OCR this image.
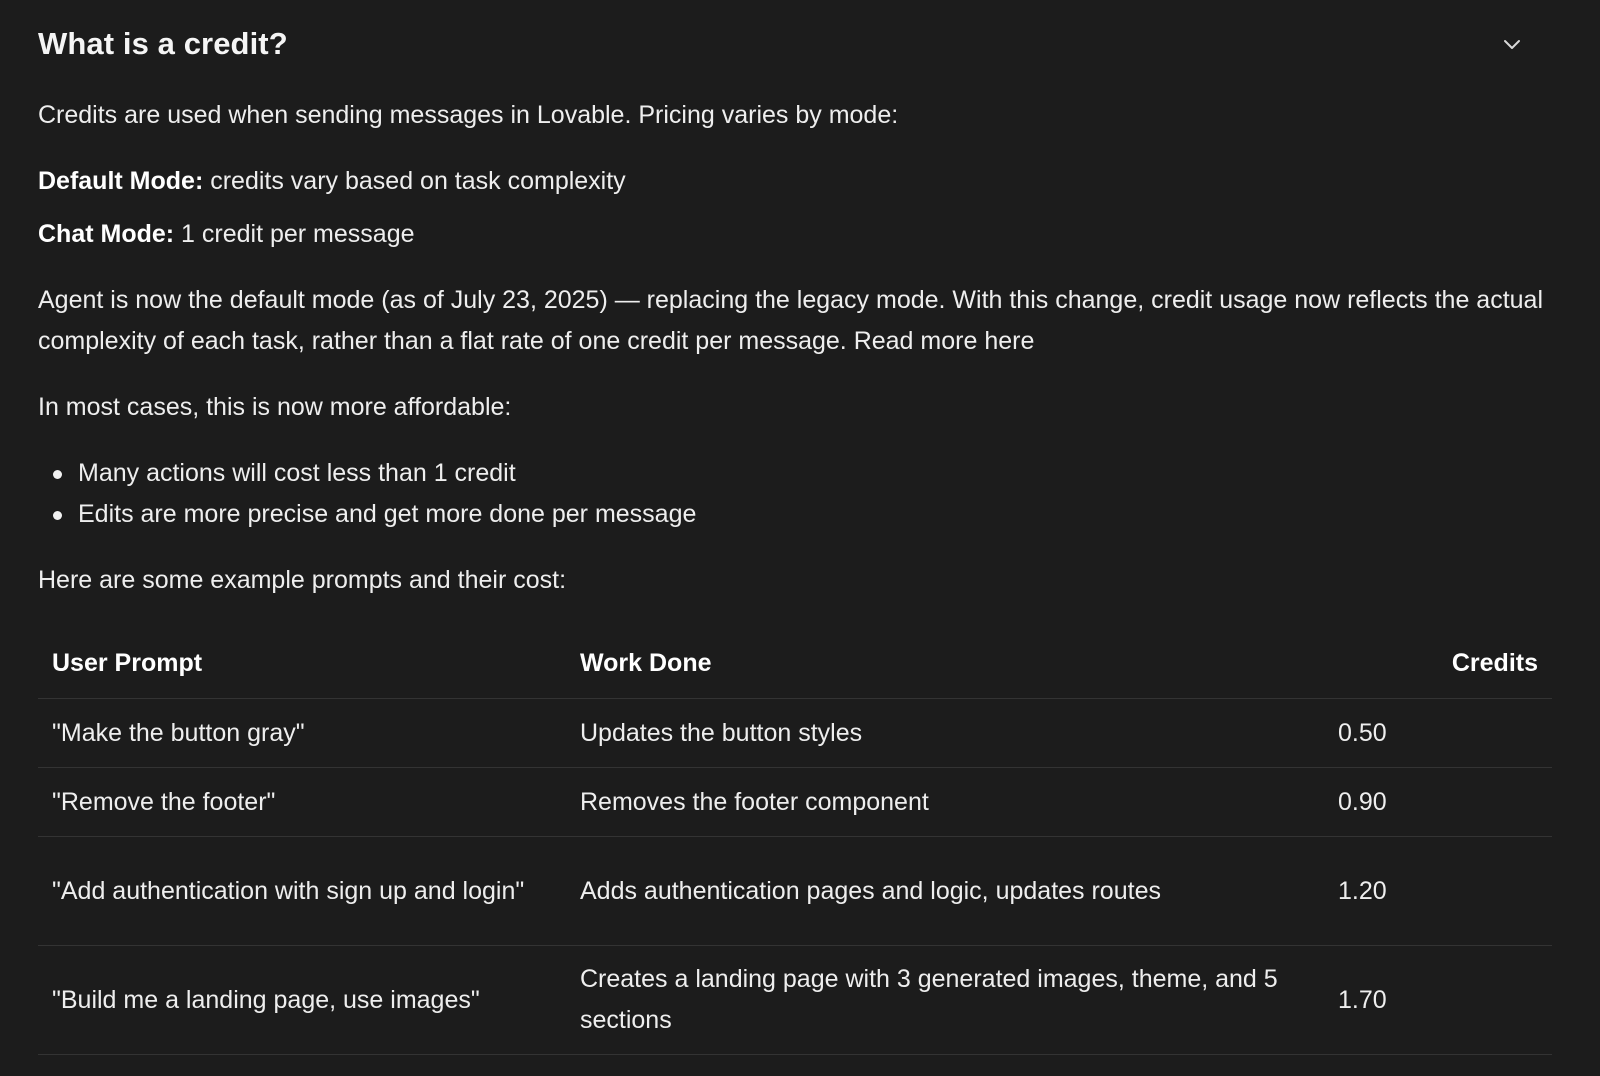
What is a credit?

Credits are used when sending messages in Lovable. Pricing varies by mode:

Default Mode: credits vary based on task complexity

Chat Mode: 1 credit per message

Agent is now the default mode (as of July 23, 2025) — replacing the legacy mode. With this change, credit usage now reflects the actual complexity of each task, rather than a flat rate of one credit per message. Read more here

In most cases, this is now more affordable:

Many actions will cost less than 1 credit
Edits are more precise and get more done per message

Here are some example prompts and their cost:

User Prompt	Work Done	Credits
"Make the button gray"	Updates the button styles	0.50
"Remove the footer"	Removes the footer component	0.90
"Add authentication with sign up and login"	Adds authentication pages and logic, updates routes	1.20
"Build me a landing page, use images"	Creates a landing page with 3 generated images, theme, and 5 sections	1.70
